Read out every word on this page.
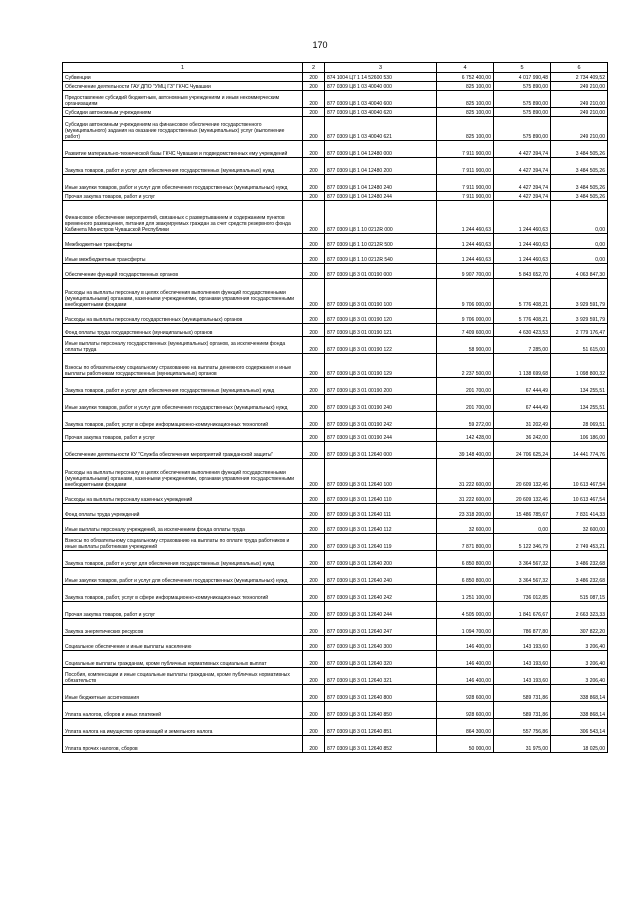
170
1	2	3	4	5	6
Субвенции	200	874 1004 Ц7 1 14 52600 530	6 752 400,00	4 017 990,48	2 734 409,52
Обеспечение деятельности ГАУ ДПО "УМЦ ГЗ" ГКЧС Чувашии	200	877 0309 Ц8 1 03 40040 000	825 100,00	575 890,00	249 210,00
Предоставление субсидий бюджетным, автономным учреждениям и иным некоммерческим организациям	200	877 0309 Ц8 1 03 40040 600	825 100,00	575 890,00	249 210,00
Субсидии автономным учреждениям	200	877 0309 Ц8 1 03 40040 620	825 100,00	575 890,00	249 210,00
Субсидии автономным учреждениям на финансовое обеспечение государственного (муниципального) задания на оказание государственных (муниципальных) услуг (выполнение работ)	200	877 0309 Ц8 1 03 40040 621	825 100,00	575 890,00	249 210,00
Развитие материально-технической базы ГКЧС Чувашии и подведомственных ему учреждений	200	877 0309 Ц8 1 04 12480 000	7 911 900,00	4 427 394,74	3 484 505,26
Закупка товаров, работ и услуг для обеспечения государственных (муниципальных) нужд	200	877 0309 Ц8 1 04 12480 200	7 911 900,00	4 427 394,74	3 484 505,26
Иные закупки товаров, работ и услуг для обеспечения государственных (муниципальных) нужд	200	877 0309 Ц8 1 04 12480 240	7 911 900,00	4 427 394,74	3 484 505,26
Прочая закупка товаров, работ и услуг	200	877 0309 Ц8 1 04 12480 244	7 911 900,00	4 427 394,74	3 484 505,26
Финансовое обеспечение мероприятий, связанных с развертыванием и содержанием пунктов временного размещения, питания для эвакуируемых граждан за счет средств резервного фонда Кабинета Министров Чувашской Республики	200	877 0309 Ц8 1 10 0212R 000	1 244 460,63	1 244 460,63	0,00
Межбюджетные трансферты	200	877 0309 Ц8 1 10 0212R 500	1 244 460,63	1 244 460,63	0,00
Иные межбюджетные трансферты	200	877 0309 Ц8 1 10 0212R 540	1 244 460,63	1 244 460,63	0,00
Обеспечение функций государственных органов	200	877 0309 Ц8 3 01 00190 000	9 907 700,00	5 843 652,70	4 063 847,30
Расходы на выплаты персоналу в целях обеспечения выполнения функций государственными (муниципальными) органами, казенными учреждениями, органами управления государственными внебюджетными фондами	200	877 0309 Ц8 3 01 00190 100	9 706 000,00	5 776 408,21	3 929 591,79
Расходы на выплаты персоналу государственных (муниципальных) органов	200	877 0309 Ц8 3 01 00190 120	9 706 000,00	5 776 408,21	3 929 591,79
Фонд оплаты труда государственных (муниципальных) органов	200	877 0309 Ц8 3 01 00190 121	7 409 600,00	4 630 423,53	2 779 176,47
Иные выплаты персоналу государственных (муниципальных) органов, за исключением фонда оплаты труда	200	877 0309 Ц8 3 01 00190 122	58 900,00	7 285,00	51 615,00
Взносы по обязательному социальному страхованию на выплаты денежного содержания и иные выплаты работникам государственных (муниципальных) органов	200	877 0309 Ц8 3 01 00190 129	2 237 500,00	1 138 699,68	1 098 800,32
Закупка товаров, работ и услуг для обеспечения государственных (муниципальных) нужд	200	877 0309 Ц8 3 01 00190 200	201 700,00	67 444,49	134 255,51
Иные закупки товаров, работ и услуг для обеспечения государственных (муниципальных) нужд	200	877 0309 Ц8 3 01 00190 240	201 700,00	67 444,49	134 255,51
Закупка товаров, работ, услуг в сфере информационно-коммуникационных технологий	200	877 0309 Ц8 3 01 00190 242	59 272,00	31 202,49	28 069,51
Прочая закупка товаров, работ и услуг	200	877 0309 Ц8 3 01 00190 244	142 428,00	36 242,00	106 186,00
Обеспечение деятельности КУ "Служба обеспечения мероприятий гражданской защиты"	200	877 0309 Ц8 3 01 12640 000	39 148 400,00	24 706 625,24	14 441 774,76
Расходы на выплаты персоналу в целях обеспечения выполнения функций государственными (муниципальными) органами, казенными учреждениями, органами управления государственными внебюджетными фондами	200	877 0309 Ц8 3 01 12640 100	31 222 600,00	20 609 132,46	10 613 467,54
Расходы на выплаты персоналу казенных учреждений	200	877 0309 Ц8 3 01 12640 110	31 222 600,00	20 609 132,46	10 613 467,54
Фонд оплаты труда учреждений	200	877 0309 Ц8 3 01 12640 111	23 318 200,00	15 486 785,67	7 831 414,33
Иные выплаты персоналу учреждений, за исключением фонда оплаты труда	200	877 0309 Ц8 3 01 12640 112	32 600,00	0,00	32 600,00
Взносы по обязательному социальному страхованию на выплаты по оплате труда работников и иные выплаты работникам учреждений	200	877 0309 Ц8 3 01 12640 119	7 871 800,00	5 122 346,79	2 749 453,21
Закупка товаров, работ и услуг для обеспечения государственных (муниципальных) нужд	200	877 0309 Ц8 3 01 12640 200	6 850 800,00	3 364 567,32	3 486 232,68
Иные закупки товаров, работ и услуг для обеспечения государственных (муниципальных) нужд	200	877 0309 Ц8 3 01 12640 240	6 850 800,00	3 364 567,32	3 486 232,68
Закупка товаров, работ, услуг в сфере информационно-коммуникационных технологий	200	877 0309 Ц8 3 01 12640 242	1 251 100,00	736 012,85	515 087,15
Прочая закупка товаров, работ и услуг	200	877 0309 Ц8 3 01 12640 244	4 505 000,00	1 841 676,67	2 663 323,33
Закупка энергетических ресурсов	200	877 0309 Ц8 3 01 12640 247	1 094 700,00	786 877,80	307 822,20
Социальное обеспечение и иные выплаты населению	200	877 0309 Ц8 3 01 12640 300	146 400,00	143 193,60	3 206,40
Социальные выплаты гражданам, кроме публичных нормативных социальных выплат	200	877 0309 Ц8 3 01 12640 320	146 400,00	143 193,60	3 206,40
Пособия, компенсации и иные социальные выплаты гражданам, кроме публичных нормативных обязательств	200	877 0309 Ц8 3 01 12640 321	146 400,00	143 193,60	3 206,40
Иные бюджетные ассигнования	200	877 0309 Ц8 3 01 12640 800	928 600,00	589 731,86	338 868,14
Уплата налогов, сборов и иных платежей	200	877 0309 Ц8 3 01 12640 850	928 600,00	589 731,86	338 868,14
Уплата налога на имущество организаций и земельного налога	200	877 0309 Ц8 3 01 12640 851	864 300,00	557 756,86	306 543,14
Уплата прочих налогов, сборов	200	877 0309 Ц8 3 01 12640 852	50 000,00	31 975,00	18 025,00
